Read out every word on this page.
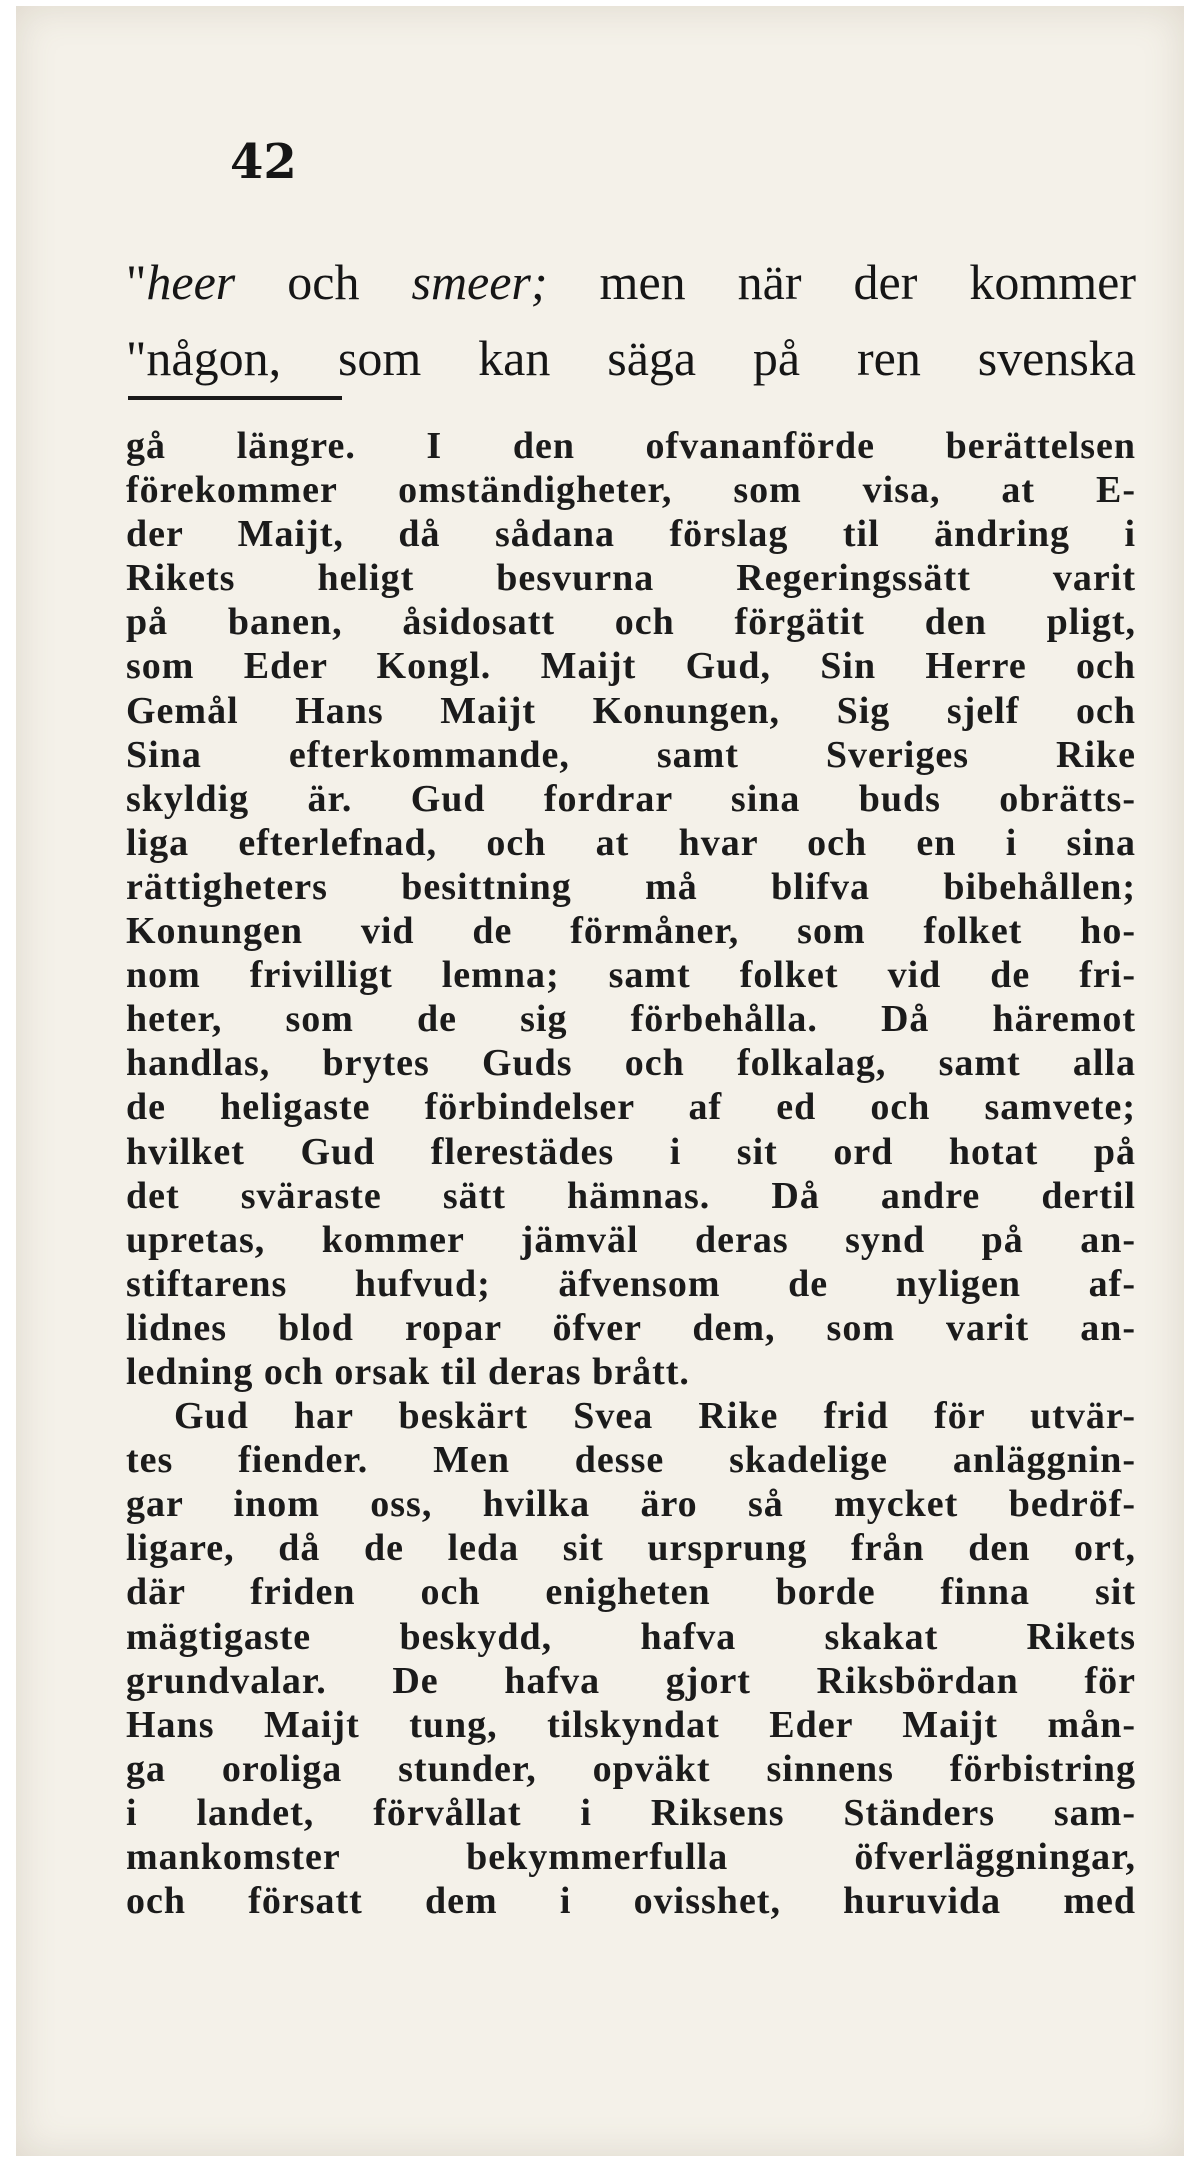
42
"heer och smeer; men när der kommer
"någon, som kan säga på ren svenska
gå längre. I den ofvananförde berättelsen
förekommer omständigheter, som visa, at E-
der Maijt, då sådana förslag til ändring i
Rikets heligt besvurna Regeringssätt varit
på banen, åsidosatt och förgätit den pligt,
som Eder Kongl. Maijt Gud, Sin Herre och
Gemål Hans Maijt Konungen, Sig sjelf och
Sina efterkommande, samt Sveriges Rike
skyldig är. Gud fordrar sina buds obrätts-
liga efterlefnad, och at hvar och en i sina
rättigheters besittning må blifva bibehållen;
Konungen vid de förmåner, som folket ho-
nom frivilligt lemna; samt folket vid de fri-
heter, som de sig förbehålla. Då häremot
handlas, brytes Guds och folkalag, samt alla
de heligaste förbindelser af ed och samvete;
hvilket Gud flerestädes i sit ord hotat på
det sväraste sätt hämnas. Då andre dertil
upretas, kommer jämväl deras synd på an-
stiftarens hufvud; äfvensom de nyligen af-
lidnes blod ropar öfver dem, som varit an-
ledning och orsak til deras brått.
Gud har beskärt Svea Rike frid för utvär-
tes fiender. Men desse skadelige anläggnin-
gar inom oss, hvilka äro så mycket bedröf-
ligare, då de leda sit ursprung från den ort,
där friden och enigheten borde finna sit
mägtigaste beskydd, hafva skakat Rikets
grundvalar. De hafva gjort Riksbördan för
Hans Maijt tung, tilskyndat Eder Maijt mån-
ga oroliga stunder, opväkt sinnens förbistring
i landet, förvållat i Riksens Ständers sam-
mankomster bekymmerfulla öfverläggningar,
och försatt dem i ovisshet, huruvida med
